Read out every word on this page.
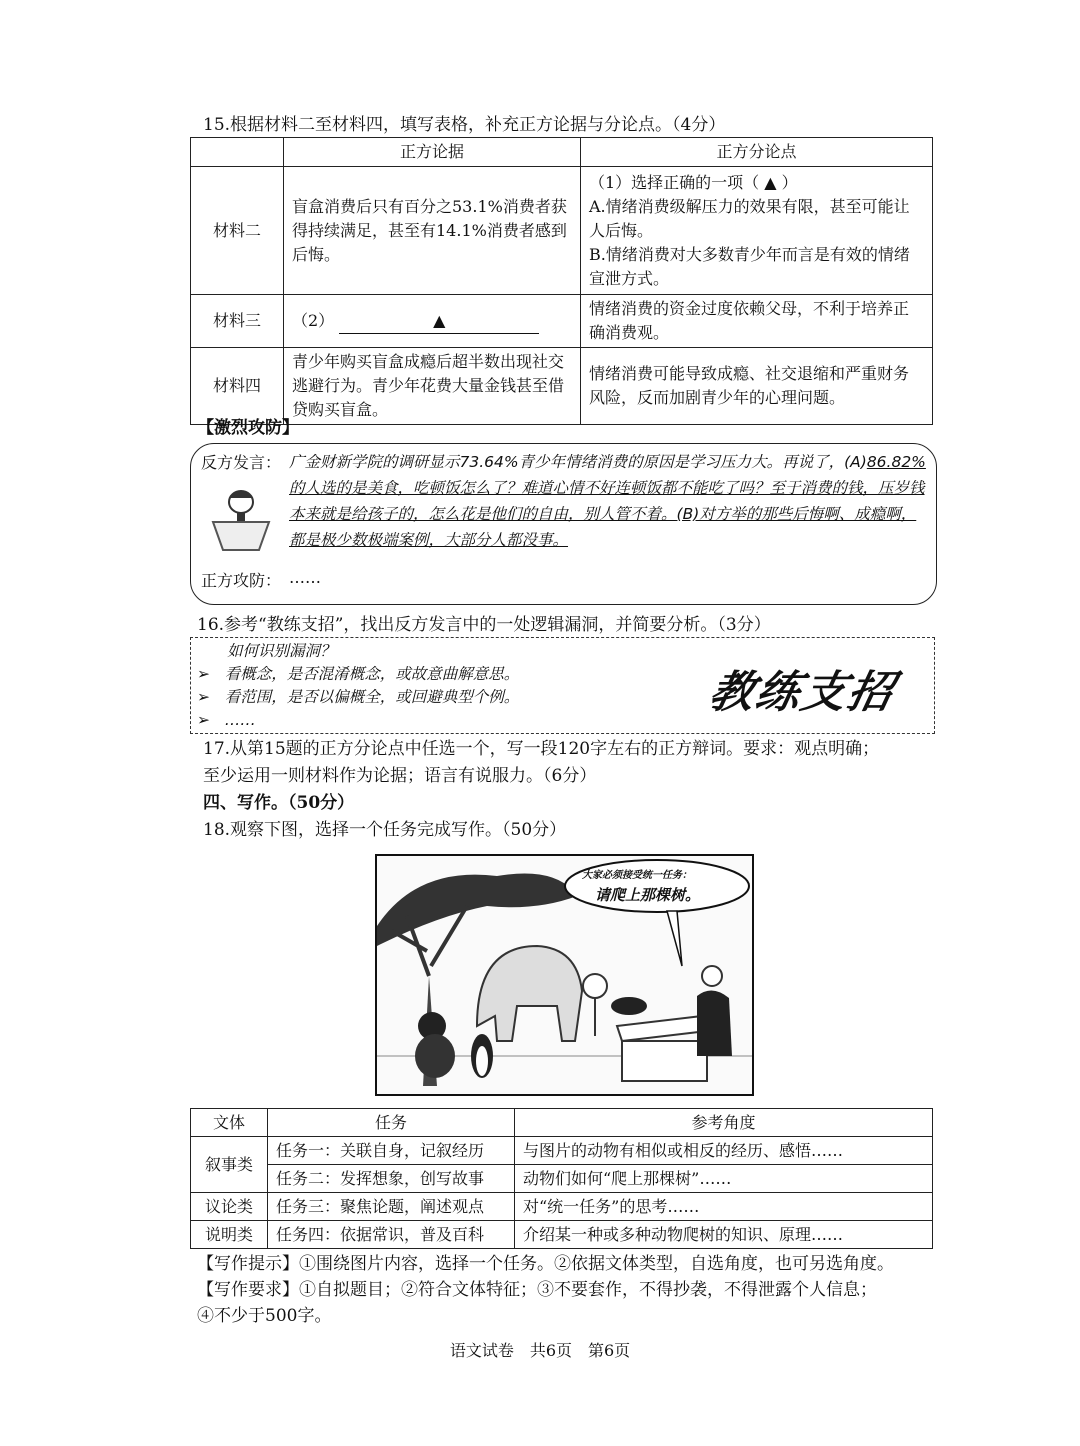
15.根据材料二至材料四，填写表格，补充正方论据与分论点。（4分）
	正方论据	正方分论点
材料二	盲盒消费后只有百分之53.1%消费者获得持续满足，甚至有14.1%消费者感到后悔。	（1）选择正确的一项（ ▲ ）
A.情绪消费级解压力的效果有限，甚至可能让人后悔。
B.情绪消费对大多数青少年而言是有效的情绪宣泄方式。

材料三	（2） ▲	情绪消费的资金过度依赖父母，不利于培养正确消费观。
材料四	青少年购买盲盒成瘾后超半数出现社交逃避行为。青少年花费大量金钱甚至借贷购买盲盒。	情绪消费可能导致成瘾、社交退缩和严重财务风险，反而加剧青少年的心理问题。
【激烈攻防】
反方发言： 广金财新学院的调研显示73.64%青少年情绪消费的原因是学习压力大。再说了，(A)86.82%的人选的是美食，吃顿饭怎么了？难道心情不好连顿饭都不能吃了吗？至于消费的钱，压岁钱本来就是给孩子的，怎么花是他们的自由，别人管不着。(B)对方举的那些后悔啊、成瘾啊，都是极少数极端案例，大部分人都没事。
正方攻防： ……
16.参考“教练支招”，找出反方发言中的一处逻辑漏洞，并简要分析。（3分）
如何识别漏洞？
➢ 看概念，是否混淆概念，或故意曲解意思。
➢ 看范围，是否以偏概全，或回避典型个例。
➢ ……
教练支招
17.从第15题的正方分论点中任选一个，写一段120字左右的正方辩词。要求：观点明确；
至少运用一则材料作为论据；语言有说服力。（6分）
四、写作。（50分）
18.观察下图，选择一个任务完成写作。（50分）
大家必须接受统一任务：
请爬上那棵树。
文体	任务	参考角度
叙事类	任务一：关联自身，记叙经历	与图片的动物有相似或相反的经历、感悟……
	任务二：发挥想象，创写故事	动物们如何“爬上那棵树”……
议论类	任务三：聚焦论题，阐述观点	对“统一任务”的思考……
说明类	任务四：依据常识，普及百科	介绍某一种或多种动物爬树的知识、原理……
【写作提示】①围绕图片内容，选择一个任务。②依据文体类型，自选角度，也可另选角度。
【写作要求】①自拟题目；②符合文体特征；③不要套作，不得抄袭，不得泄露个人信息；
④不少于500字。
语文试卷　共6页　第6页
